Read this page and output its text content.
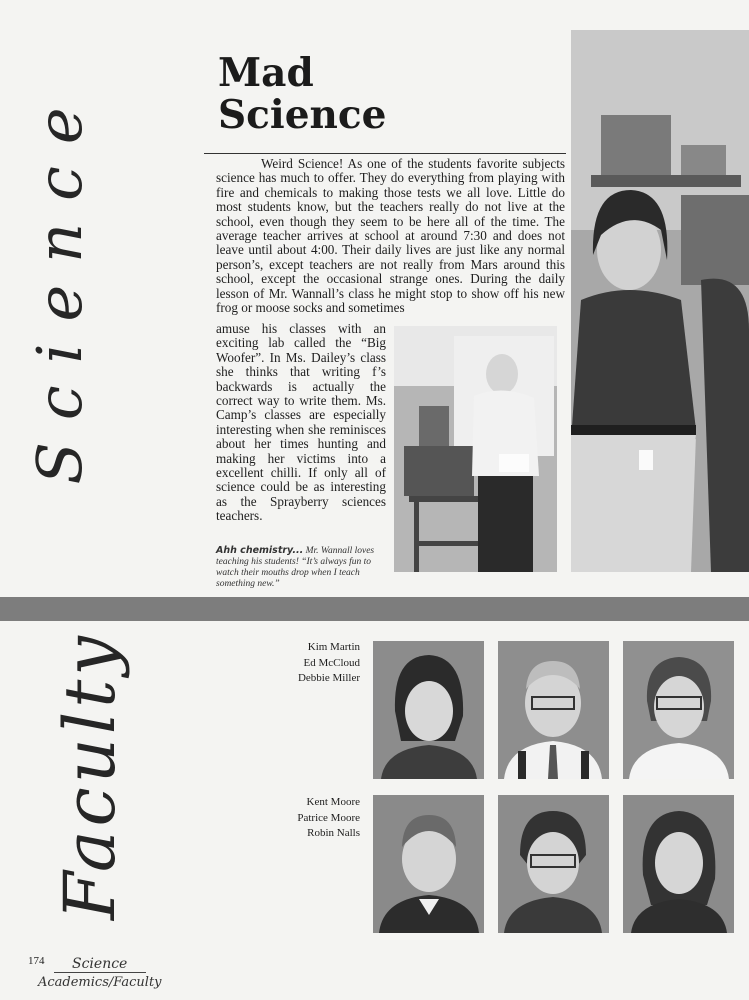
Science
Faculty
Mad
Science

Weird Science! As one of the students favorite subjects science has much to offer. They do everything from playing with fire and chemicals to making those tests we all love. Little do most students know, but the teachers really do not live at the school, even though they seem to be here all of the time. The average teacher arrives at school at around 7:30 and does not leave until about 4:00. Their daily lives are just like any normal person’s, except teachers are not really from Mars around this school, except the occasional strange ones. During the daily lesson of Mr. Wannall’s class he might stop to show off his new frog or moose socks and sometimes

amuse his classes with an exciting lab called the “Big Woofer”. In Ms. Dailey’s class she thinks that writing f’s backwards is actually the correct way to write them. Ms. Camp’s classes are especially interesting when she reminisces about her times hunting and making her victims into a excellent chilli. If only all of science could be as interesting as the Sprayberry sciences teachers.

Ahh chemistry... Mr. Wannall loves teaching his students! “It’s always fun to watch their mouths drop when I teach something new.”
Kim Martin
Ed McCloud
Debbie Miller
Kent Moore
Patrice Moore
Robin Nalls
174 Science
Academics/Faculty
